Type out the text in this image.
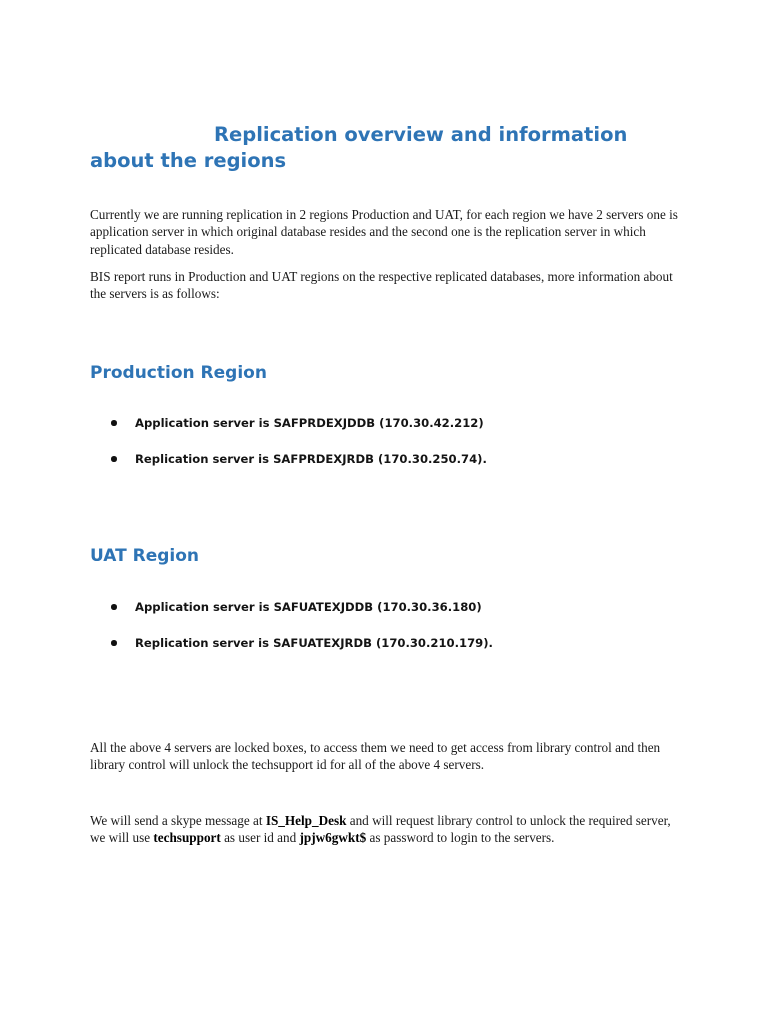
Replication overview and information about the regions

Currently we are running replication in 2 regions Production and UAT, for each region we have 2 servers one is application server in which original database resides and the second one is the replication server in which replicated database resides.

BIS report runs in Production and UAT regions on the respective replicated databases, more information about the servers is as follows:

Production Region
Application server is SAFPRDEXJDDB (170.30.42.212)
Replication server is SAFPRDEXJRDB (170.30.250.74).
UAT Region
Application server is SAFUATEXJDDB (170.30.36.180)
Replication server is SAFUATEXJRDB (170.30.210.179).

All the above 4 servers are locked boxes, to access them we need to get access from library control and then library control will unlock the techsupport id for all of the above 4 servers.

We will send a skype message at IS_Help_Desk and will request library control to unlock the required server, we will use techsupport as user id and jpjw6gwkt$ as password to login to the servers.
